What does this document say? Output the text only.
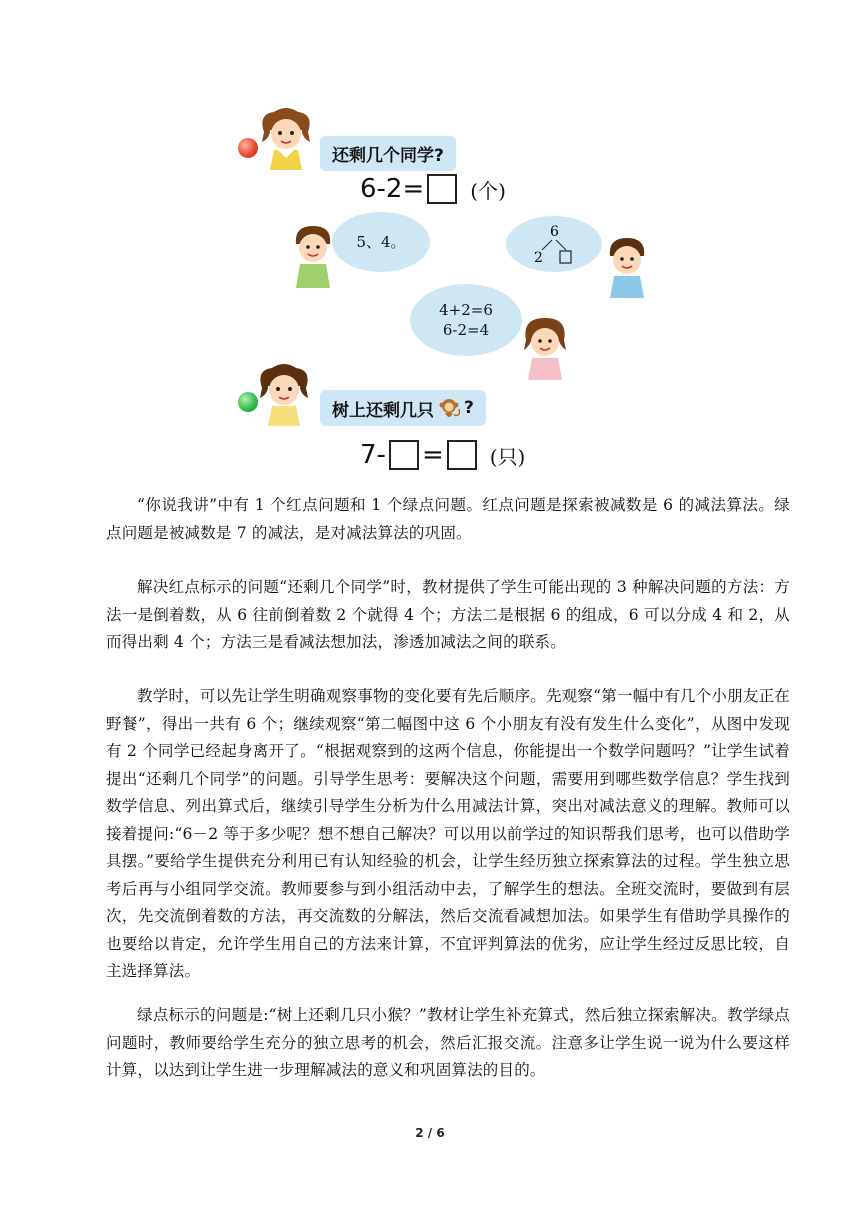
还剩几个同学?
6-2= (个)
5、4。
6
2
4+2=6
6-2=4
树上还剩几只 ?
7- = (只)

“你说我讲”中有 1 个红点问题和 1 个绿点问题。红点问题是探索被减数是 6 的减法算法。绿点问题是被减数是 7 的减法，是对减法算法的巩固。

解决红点标示的问题“还剩几个同学”时，教材提供了学生可能出现的 3 种解决问题的方法：方法一是倒着数，从 6 往前倒着数 2 个就得 4 个；方法二是根据 6 的组成，6 可以分成 4 和 2，从而得出剩 4 个；方法三是看减法想加法，渗透加减法之间的联系。

教学时，可以先让学生明确观察事物的变化要有先后顺序。先观察“第一幅中有几个小朋友正在野餐”，得出一共有 6 个；继续观察“第二幅图中这 6 个小朋友有没有发生什么变化”，从图中发现有 2 个同学已经起身离开了。“根据观察到的这两个信息，你能提出一个数学问题吗？”让学生试着提出“还剩几个同学”的问题。引导学生思考：要解决这个问题，需要用到哪些数学信息？学生找到数学信息、列出算式后，继续引导学生分析为什么用减法计算，突出对减法意义的理解。教师可以接着提问:“6－2 等于多少呢？想不想自己解决？可以用以前学过的知识帮我们思考，也可以借助学具摆。”要给学生提供充分利用已有认知经验的机会，让学生经历独立探索算法的过程。学生独立思考后再与小组同学交流。教师要参与到小组活动中去，了解学生的想法。全班交流时，要做到有层次，先交流倒着数的方法，再交流数的分解法，然后交流看减想加法。如果学生有借助学具操作的也要给以肯定，允许学生用自己的方法来计算，不宜评判算法的优劣，应让学生经过反思比较，自主选择算法。

绿点标示的问题是:“树上还剩几只小猴？”教材让学生补充算式，然后独立探索解决。教学绿点问题时，教师要给学生充分的独立思考的机会，然后汇报交流。注意多让学生说一说为什么要这样计算，以达到让学生进一步理解减法的意义和巩固算法的目的。

2 / 6
